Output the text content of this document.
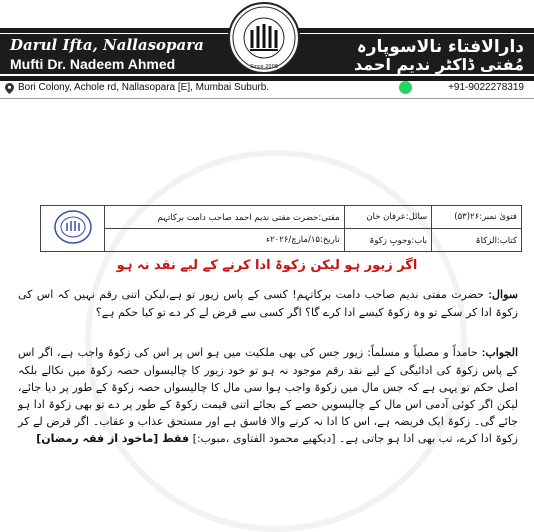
Darul Ifta, Nallasopara
Mufti Dr. Nadeem Ahmed
دارالافتاء نالاسوپارہ
مُفتی ڈاکٹر ندیم احمد
Since 2008
Bori Colony, Achole rd, Nallasopara [E], Mumbai Suburb.	+91-9022278319
فتویٰ نمبر:۲۶(۵۳)	سائل:عرفان خان	مفتی:حضرت مفتی ندیم احمد صاحب دامت برکاتہم	
کتاب:الزکاۃ	باب:وجوبِ زکوۃ	تاریخ:۱۵/مارچ/۲۰۲۶ء	
اگر زیور ہو لیکن زکوۃ ادا کرنے کے لیے نقد نہ ہو
سوال: حضرت مفتی ندیم صاحب دامت برکاتہم! کسی کے پاس زیور تو ہے،لیکن اتنی رقم نہیں کہ اس کی زکوۃ ادا کر سکے تو وہ زکوۃ کیسے ادا کرے گا؟ اگر کسی سے قرض لے کر دے تو کیا حکم ہے؟
الجواب: حامداً و مصلیاً و مسلماً: زیور جس کی بھی ملکیت میں ہو اس پر اس کی زکوۃ واجب ہے، اگر اس کے پاس زکوۃ کی ادائیگی کے لیے نقد رقم موجود نہ ہو تو خود زیور کا چالیسواں حصہ زکوۃ میں نکالے بلکہ اصل حکم تو یہی ہے کہ جس مال میں زکوۃ واجب ہوا سی مال کا چالیسواں حصہ زکوۃ کے طور پر دیا جائے، لیکن اگر کوئی آدمی اس مال کے چالیسویں حصے کے بجائے اتنی قیمت زکوۃ کے طور پر دے تو بھی زکوۃ ادا ہو جائے گی۔ زکوۃ ایک فریضہ ہے، اس کا ادا نہ کرنے والا فاسق ہے اور مستحق عذاب و عقاب۔ اگر قرض لے کر زکوۃ ادا کرے، تب بھی ادا ہو جاتی ہے۔ [دیکھیے محمود الفتاوی ،مبوب:] فقط [ماخوذ از فقہ رمضان]
